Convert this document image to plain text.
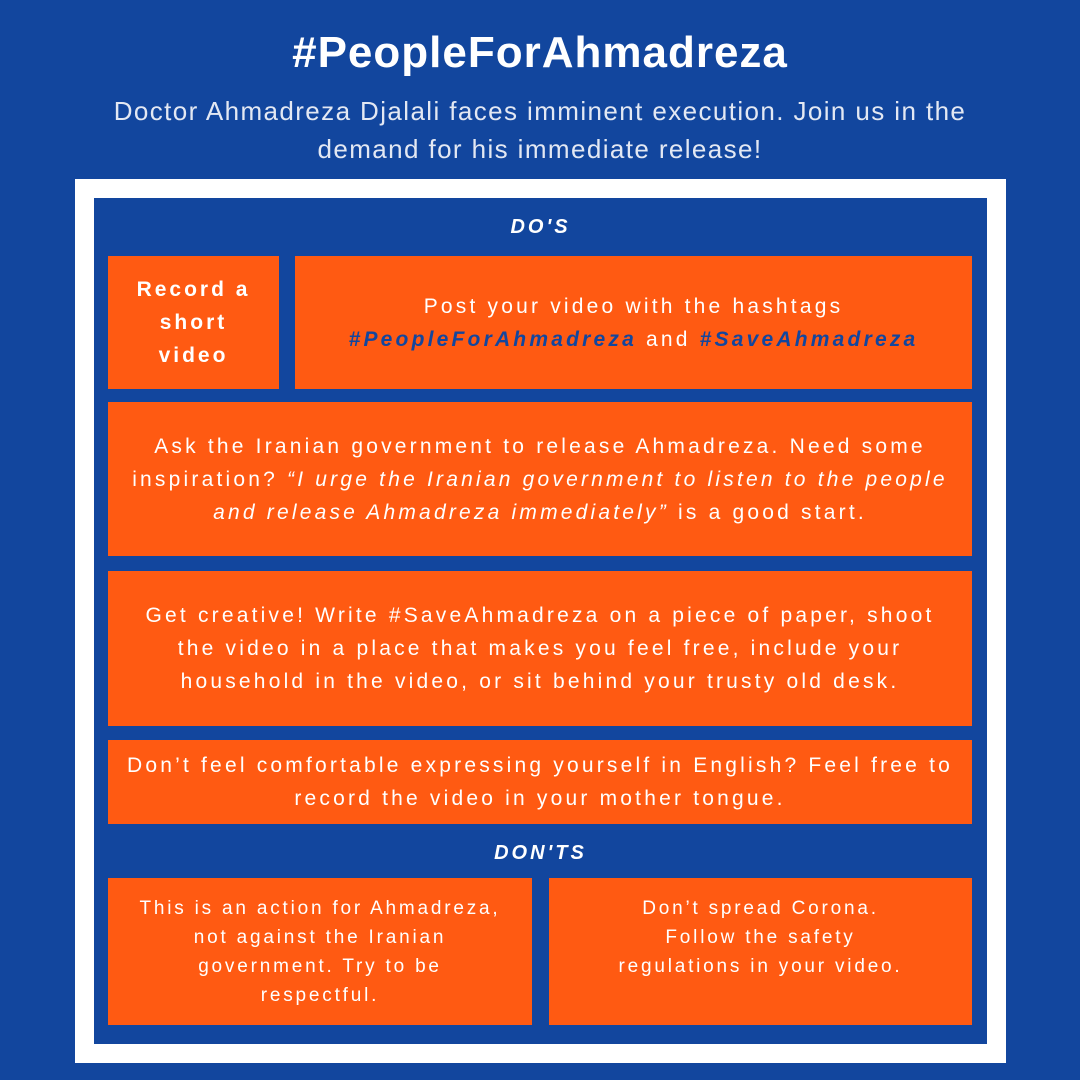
#PeopleForAhmadreza
Doctor Ahmadreza Djalali faces imminent execution. Join us in the demand for his immediate release!
DO'S

Record a short video

Post your video with the hashtags #PeopleForAhmadreza and #SaveAhmadreza

Ask the Iranian government to release Ahmadreza. Need some inspiration? “I urge the Iranian government to listen to the people and release Ahmadreza immediately” is a good start.

Get creative! Write #SaveAhmadreza on a piece of paper, shoot the video in a place that makes you feel free, include your household in the video, or sit behind your trusty old desk.

Don’t feel comfortable expressing yourself in English? Feel free to record the video in your mother tongue.

DON'TS

This is an action for Ahmadreza, not against the Iranian government. Try to be respectful.

Don’t spread Corona. Follow the safety regulations in your video.
